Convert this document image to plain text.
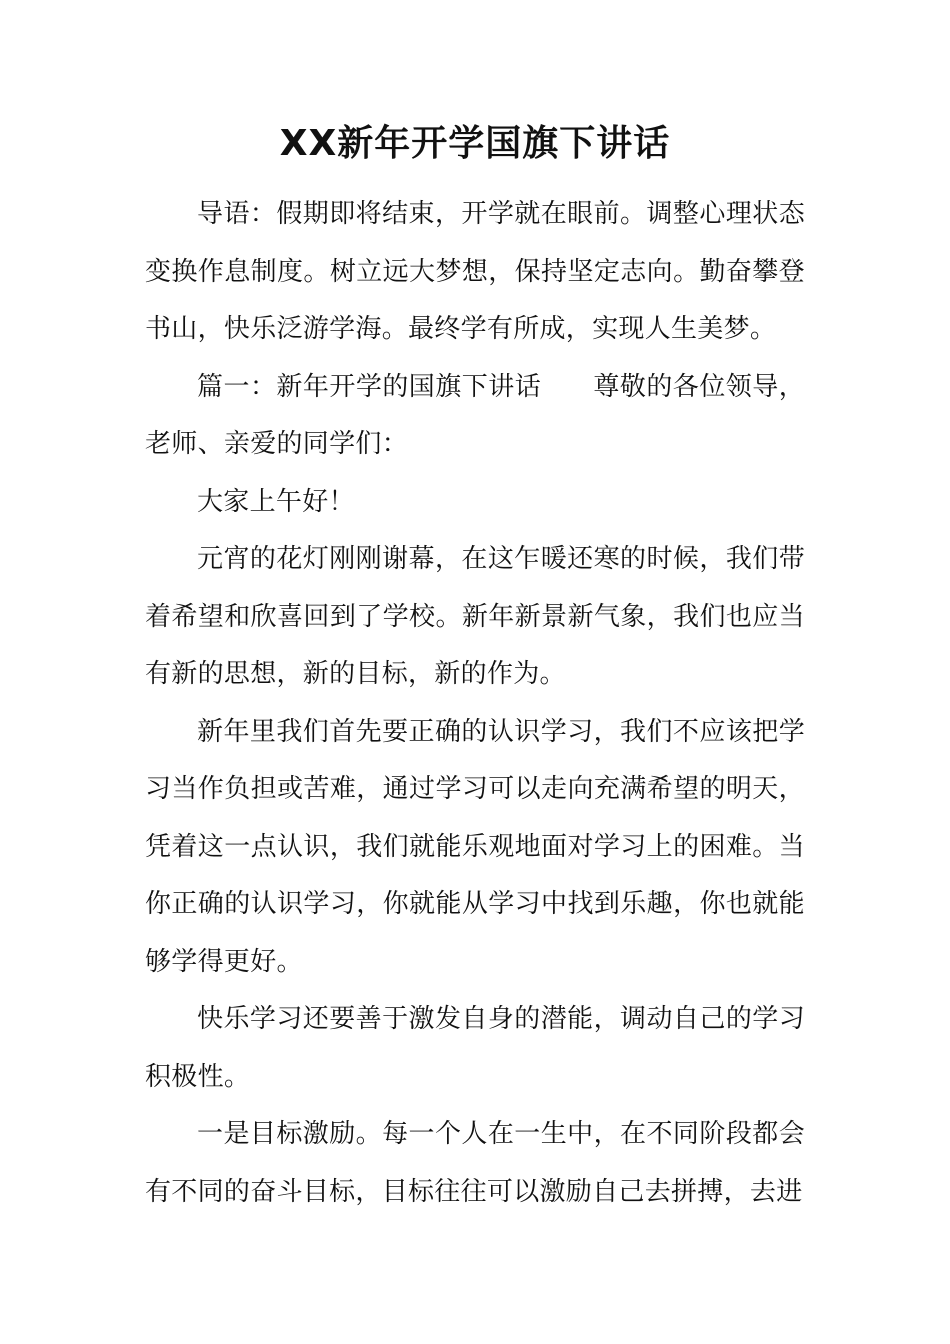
XX新年开学国旗下讲话

导语：假期即将结束，开学就在眼前。调整心理状态变换作息制度。树立远大梦想，保持坚定志向。勤奋攀登书山，快乐泛游学海。最终学有所成，实现人生美梦。

篇一：新年开学的国旗下讲话 尊敬的各位领导，老师、亲爱的同学们：

大家上午好！

元宵的花灯刚刚谢幕，在这乍暖还寒的时候，我们带着希望和欣喜回到了学校。新年新景新气象，我们也应当有新的思想，新的目标，新的作为。

新年里我们首先要正确的认识学习，我们不应该把学习当作负担或苦难，通过学习可以走向充满希望的明天，凭着这一点认识，我们就能乐观地面对学习上的困难。当你正确的认识学习，你就能从学习中找到乐趣，你也就能够学得更好。

快乐学习还要善于激发自身的潜能，调动自己的学习积极性。

一是目标激励。每一个人在一生中，在不同阶段都会有不同的奋斗目标，目标往往可以激励自己去拼搏，去进
